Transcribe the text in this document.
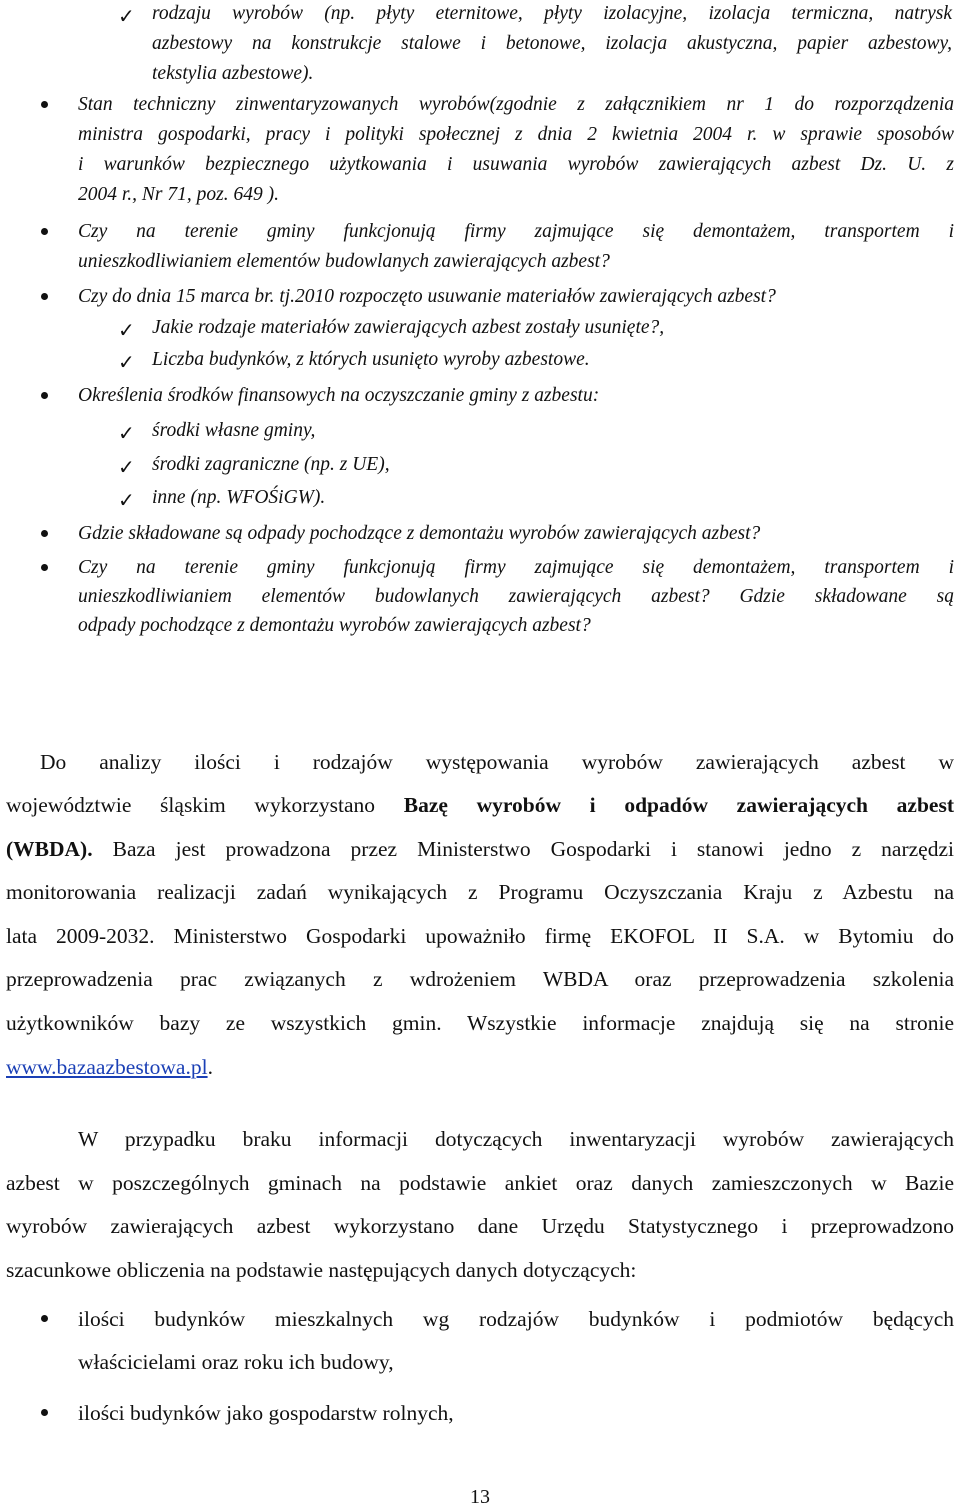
✓ rodzaju wyrobów (np. płyty eternitowe, płyty izolacyjne, izolacja termiczna, natrysk
azbestowy na konstrukcje stalowe i betonowe, izolacja akustyczna, papier azbestowy,
tekstylia azbestowe).
Stan techniczny zinwentaryzowanych wyrobów(zgodnie z załącznikiem nr 1 do rozporządzenia
ministra gospodarki, pracy i polityki społecznej z dnia 2 kwietnia 2004 r. w sprawie sposobów
i warunków bezpiecznego użytkowania i usuwania wyrobów zawierających azbest Dz. U. z
2004 r., Nr 71, poz. 649 ).
Czy na terenie gminy funkcjonują firmy zajmujące się demontażem, transportem i
unieszkodliwianiem elementów budowlanych zawierających azbest?
Czy do dnia 15 marca br. tj.2010 rozpoczęto usuwanie materiałów zawierających azbest?
✓ Jakie rodzaje materiałów zawierających azbest zostały usunięte?,
✓ Liczba budynków, z których usunięto wyroby azbestowe.
Określenia środków finansowych na oczyszczanie gminy z azbestu:
✓ środki własne gminy,
✓ środki zagraniczne (np. z UE),
✓ inne (np. WFOŚiGW).
Gdzie składowane są odpady pochodzące z demontażu wyrobów zawierających azbest?
Czy na terenie gminy funkcjonują firmy zajmujące się demontażem, transportem i
unieszkodliwianiem elementów budowlanych zawierających azbest? Gdzie składowane są
odpady pochodzące z demontażu wyrobów zawierających azbest?
Do analizy ilości i rodzajów występowania wyrobów zawierających azbest w
województwie śląskim wykorzystano Bazę wyrobów i odpadów zawierających azbest
(WBDA). Baza jest prowadzona przez Ministerstwo Gospodarki i stanowi jedno z narzędzi
monitorowania realizacji zadań wynikających z Programu Oczyszczania Kraju z Azbestu na
lata 2009-2032. Ministerstwo Gospodarki upoważniło firmę EKOFOL II S.A. w Bytomiu do
przeprowadzenia prac związanych z wdrożeniem WBDA oraz przeprowadzenia szkolenia
użytkowników bazy ze wszystkich gmin. Wszystkie informacje znajdują się na stronie
www.bazaazbestowa.pl.
W przypadku braku informacji dotyczących inwentaryzacji wyrobów zawierających
azbest w poszczególnych gminach na podstawie ankiet oraz danych zamieszczonych w Bazie
wyrobów zawierających azbest wykorzystano dane Urzędu Statystycznego i przeprowadzono
szacunkowe obliczenia na podstawie następujących danych dotyczących:
ilości budynków mieszkalnych wg rodzajów budynków i podmiotów będących
właścicielami oraz roku ich budowy,
ilości budynków jako gospodarstw rolnych,
13
